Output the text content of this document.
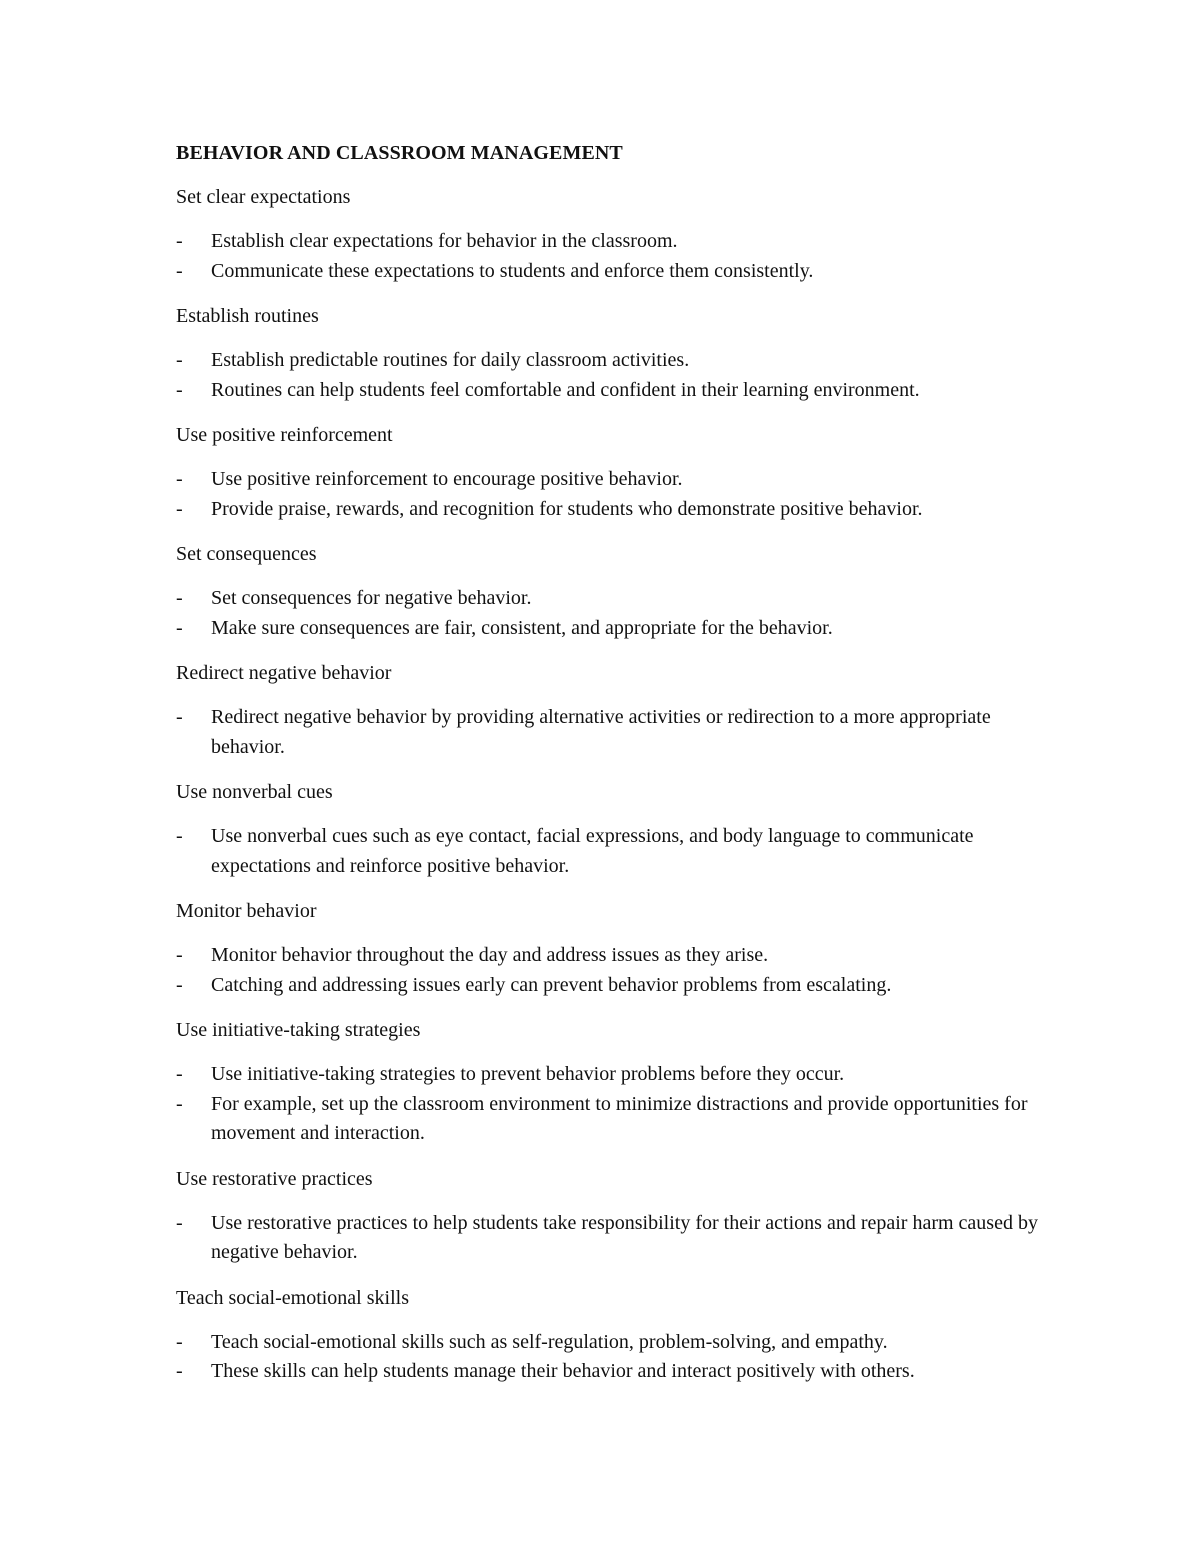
BEHAVIOR AND CLASSROOM MANAGEMENT
Set clear expectations
-	Establish clear expectations for behavior in the classroom.
-	Communicate these expectations to students and enforce them consistently.
Establish routines
-	Establish predictable routines for daily classroom activities.
-	Routines can help students feel comfortable and confident in their learning environment.
Use positive reinforcement
-	Use positive reinforcement to encourage positive behavior.
-	Provide praise, rewards, and recognition for students who demonstrate positive behavior.
Set consequences
-	Set consequences for negative behavior.
-	Make sure consequences are fair, consistent, and appropriate for the behavior.
Redirect negative behavior
-	Redirect negative behavior by providing alternative activities or redirection to a more appropriate behavior.
Use nonverbal cues
-	Use nonverbal cues such as eye contact, facial expressions, and body language to communicate expectations and reinforce positive behavior.
Monitor behavior
-	Monitor behavior throughout the day and address issues as they arise.
-	Catching and addressing issues early can prevent behavior problems from escalating.
Use initiative-taking strategies
-	Use initiative-taking strategies to prevent behavior problems before they occur.
-	For example, set up the classroom environment to minimize distractions and provide opportunities for movement and interaction.
Use restorative practices
-	Use restorative practices to help students take responsibility for their actions and repair harm caused by negative behavior.
Teach social-emotional skills
-	Teach social-emotional skills such as self-regulation, problem-solving, and empathy.
-	These skills can help students manage their behavior and interact positively with others.
